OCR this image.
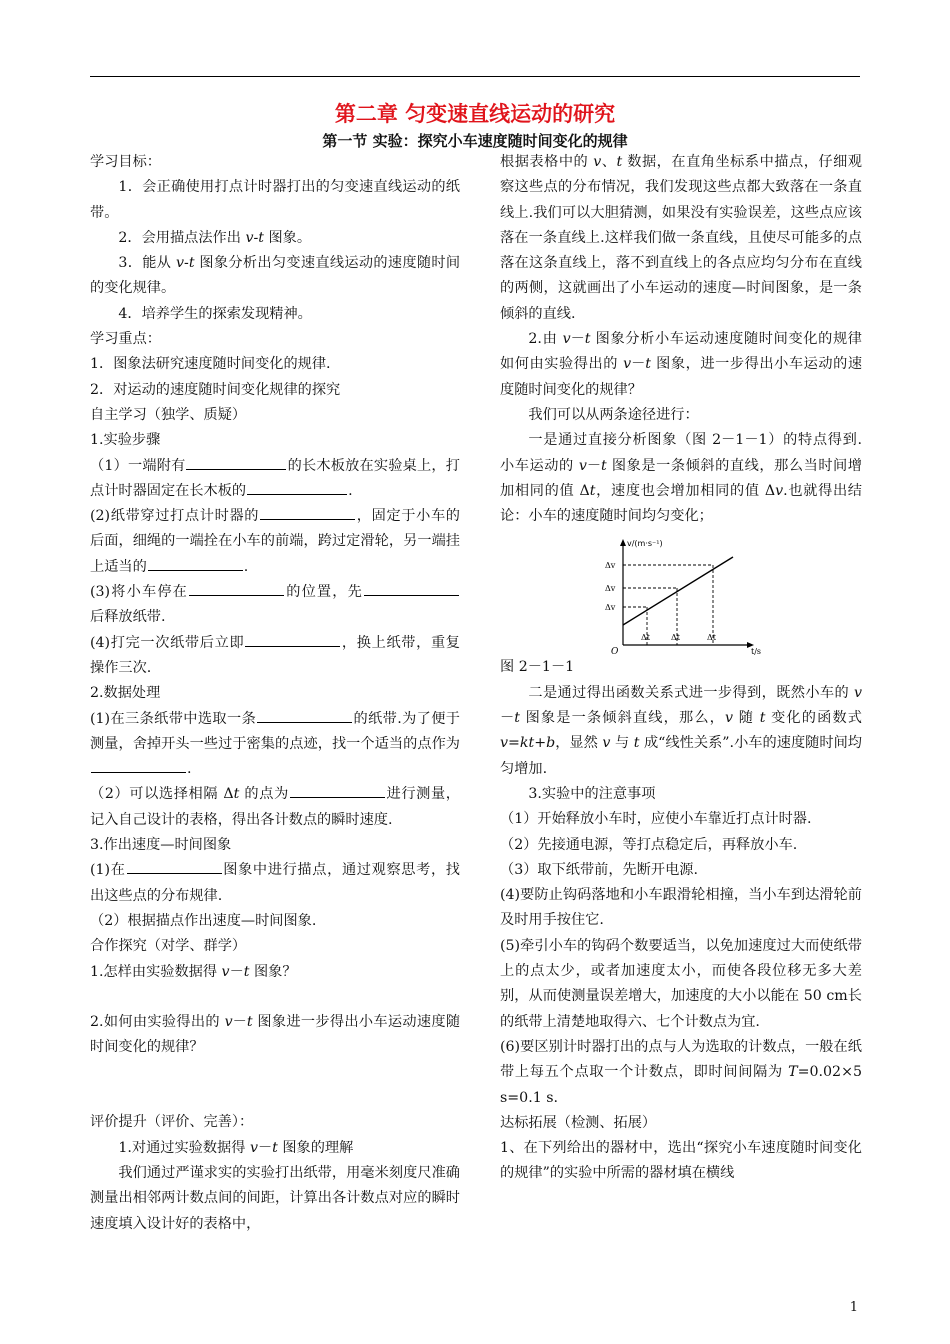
第二章 匀变速直线运动的研究
第一节 实验：探究小车速度随时间变化的规律

学习目标：

1．会正确使用打点计时器打出的匀变速直线运动的纸带。

2．会用描点法作出 v-t 图象。

3．能从 v-t 图象分析出匀变速直线运动的速度随时间的变化规律。

4．培养学生的探索发现精神。

学习重点：

1．图象法研究速度随时间变化的规律.

2．对运动的速度随时间变化规律的探究

自主学习（独学、质疑）

1.实验步骤

（1）一端附有	的长木板放在实验桌上，打点计时器固定在长木板的	.

(2)纸带穿过打点计时器的	，固定于小车的后面，细绳的一端拴在小车的前端，跨过定滑轮，另一端挂上适当的	.

(3)将小车停在	的位置，先后释放纸带.

(4)打完一次纸带后立即	，换上纸带，重复操作三次.

2.数据处理

(1)在三条纸带中选取一条	的纸带.为了便于测量，舍掉开头一些过于密集的点迹，找一个适当的点作为.

（2）可以选择相隔 Δt 的点为	进行测量，记入自己设计的表格，得出各计数点的瞬时速度.

3.作出速度—时间图象

(1)在	图象中进行描点，通过观察思考，找出这些点的分布规律.

（2）根据描点作出速度—时间图象.

合作探究（对学、群学）

1.怎样由实验数据得 v－t 图象？

2.如何由实验得出的 v－t 图象进一步得出小车运动速度随时间变化的规律？

评价提升（评价、完善）：

1.对通过实验数据得 v－t 图象的理解

我们通过严谨求实的实验打出纸带，用毫米刻度尺准确测量出相邻两计数点间的间距，计算出各计数点对应的瞬时速度填入设计好的表格中，

根据表格中的 v、t 数据，在直角坐标系中描点，仔细观察这些点的分布情况，我们发现这些点都大致落在一条直线上.我们可以大胆猜测，如果没有实验误差，这些点应该落在一条直线上.这样我们做一条直线，且使尽可能多的点落在这条直线上，落不到直线上的各点应均匀分布在直线的两侧，这就画出了小车运动的速度—时间图象，是一条倾斜的直线.

2.由 v－t 图象分析小车运动速度随时间变化的规律如何由实验得出的 v－t 图象，进一步得出小车运动的速度随时间变化的规律？

我们可以从两条途径进行：

一是通过直接分析图象（图 2－1－1）的特点得到.小车运动的 v－t 图象是一条倾斜的直线，那么当时间增加相同的值 Δt，速度也会增加相同的值 Δv.也就得出结论：小车的速度随时间均匀变化；

v/(m·s⁻¹)
Δv
Δv
Δv
Δt	Δt	Δt
O	t/s

图 2－1－1

二是通过得出函数关系式进一步得到，既然小车的 v－t 图象是一条倾斜直线，那么，v 随 t 变化的函数式 v=kt+b，显然 v 与 t 成“线性关系”.小车的速度随时间均匀增加.

3.实验中的注意事项

（1）开始释放小车时，应使小车靠近打点计时器.

（2）先接通电源，等打点稳定后，再释放小车.

（3）取下纸带前，先断开电源.

(4)要防止钩码落地和小车跟滑轮相撞，当小车到达滑轮前及时用手按住它.

(5)牵引小车的钩码个数要适当，以免加速度过大而使纸带上的点太少，或者加速度太小，而使各段位移无多大差别，从而使测量误差增大，加速度的大小以能在 50 cm长的纸带上清楚地取得六、七个计数点为宜.

(6)要区别计时器打出的点与人为选取的计数点，一般在纸带上每五个点取一个计数点，即时间间隔为 T=0.02×5 s=0.1 s.

达标拓展（检测、拓展）

1、在下列给出的器材中，选出“探究小车速度随时间变化的规律”的实验中所需的器材填在横线

1
